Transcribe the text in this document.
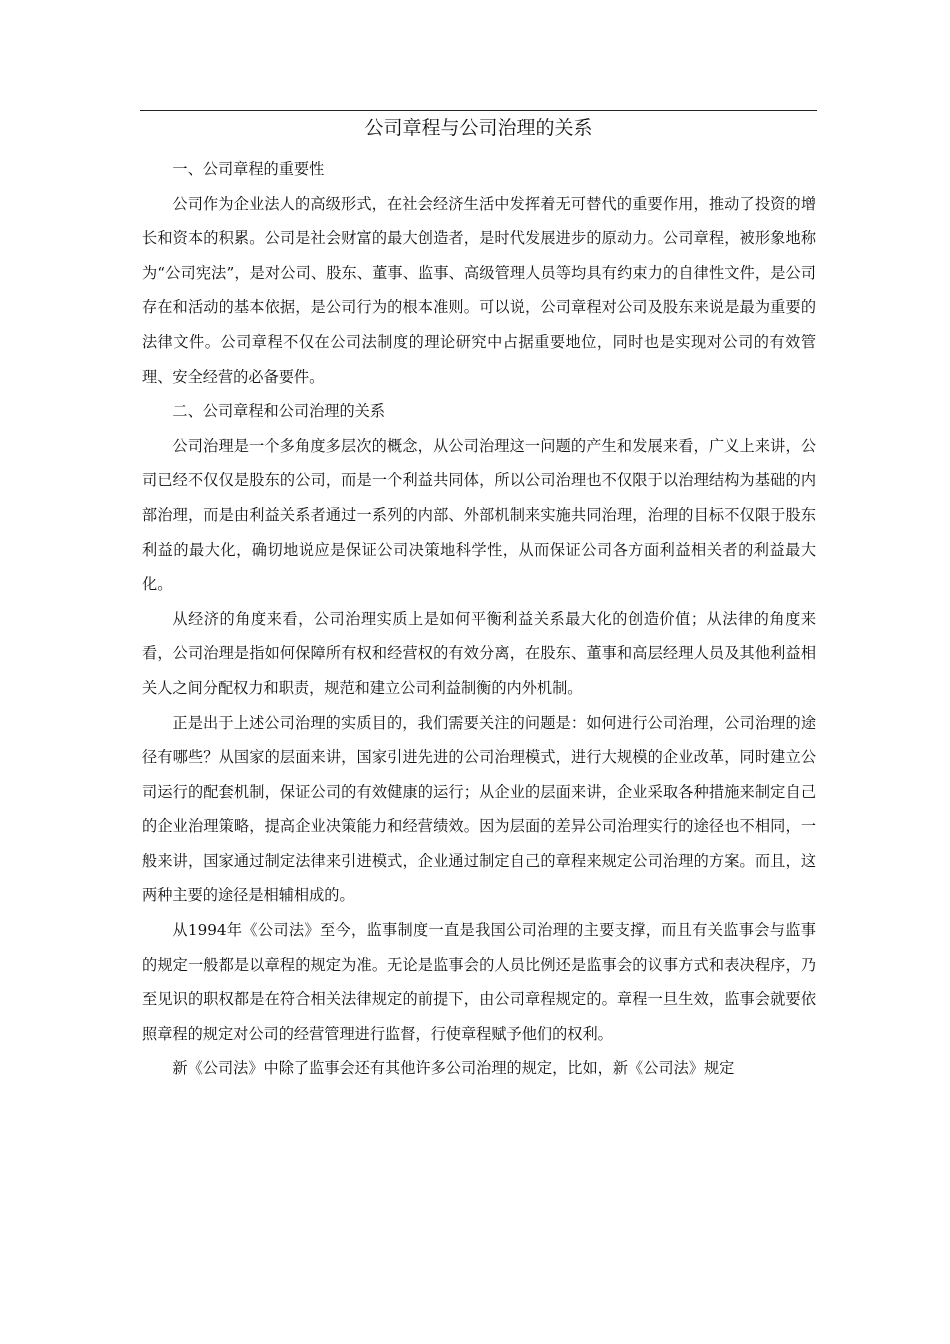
公司章程与公司治理的关系

一、公司章程的重要性

公司作为企业法人的高级形式，在社会经济生活中发挥着无可替代的重要作用，推动了投资的增长和资本的积累。公司是社会财富的最大创造者，是时代发展进步的原动力。公司章程，被形象地称为“公司宪法”，是对公司、股东、董事、监事、高级管理人员等均具有约束力的自律性文件，是公司存在和活动的基本依据，是公司行为的根本准则。可以说，公司章程对公司及股东来说是最为重要的法律文件。公司章程不仅在公司法制度的理论研究中占据重要地位，同时也是实现对公司的有效管理、安全经营的必备要件。

二、公司章程和公司治理的关系

公司治理是一个多角度多层次的概念，从公司治理这一问题的产生和发展来看，广义上来讲，公司已经不仅仅是股东的公司，而是一个利益共同体，所以公司治理也不仅限于以治理结构为基础的内部治理，而是由利益关系者通过一系列的内部、外部机制来实施共同治理，治理的目标不仅限于股东利益的最大化，确切地说应是保证公司决策地科学性，从而保证公司各方面利益相关者的利益最大化。

从经济的角度来看，公司治理实质上是如何平衡利益关系最大化的创造价值；从法律的角度来看，公司治理是指如何保障所有权和经营权的有效分离，在股东、董事和高层经理人员及其他利益相关人之间分配权力和职责，规范和建立公司利益制衡的内外机制。

正是出于上述公司治理的实质目的，我们需要关注的问题是：如何进行公司治理，公司治理的途径有哪些？从国家的层面来讲，国家引进先进的公司治理模式，进行大规模的企业改革，同时建立公司运行的配套机制，保证公司的有效健康的运行；从企业的层面来讲，企业采取各种措施来制定自己的企业治理策略，提高企业决策能力和经营绩效。因为层面的差异公司治理实行的途径也不相同，一般来讲，国家通过制定法律来引进模式，企业通过制定自己的章程来规定公司治理的方案。而且，这两种主要的途径是相辅相成的。

从1994年《公司法》至今，监事制度一直是我国公司治理的主要支撑，而且有关监事会与监事的规定一般都是以章程的规定为准。无论是监事会的人员比例还是监事会的议事方式和表决程序，乃至见识的职权都是在符合相关法律规定的前提下，由公司章程规定的。章程一旦生效，监事会就要依照章程的规定对公司的经营管理进行监督，行使章程赋予他们的权利。

新《公司法》中除了监事会还有其他许多公司治理的规定，比如，新《公司法》规定
